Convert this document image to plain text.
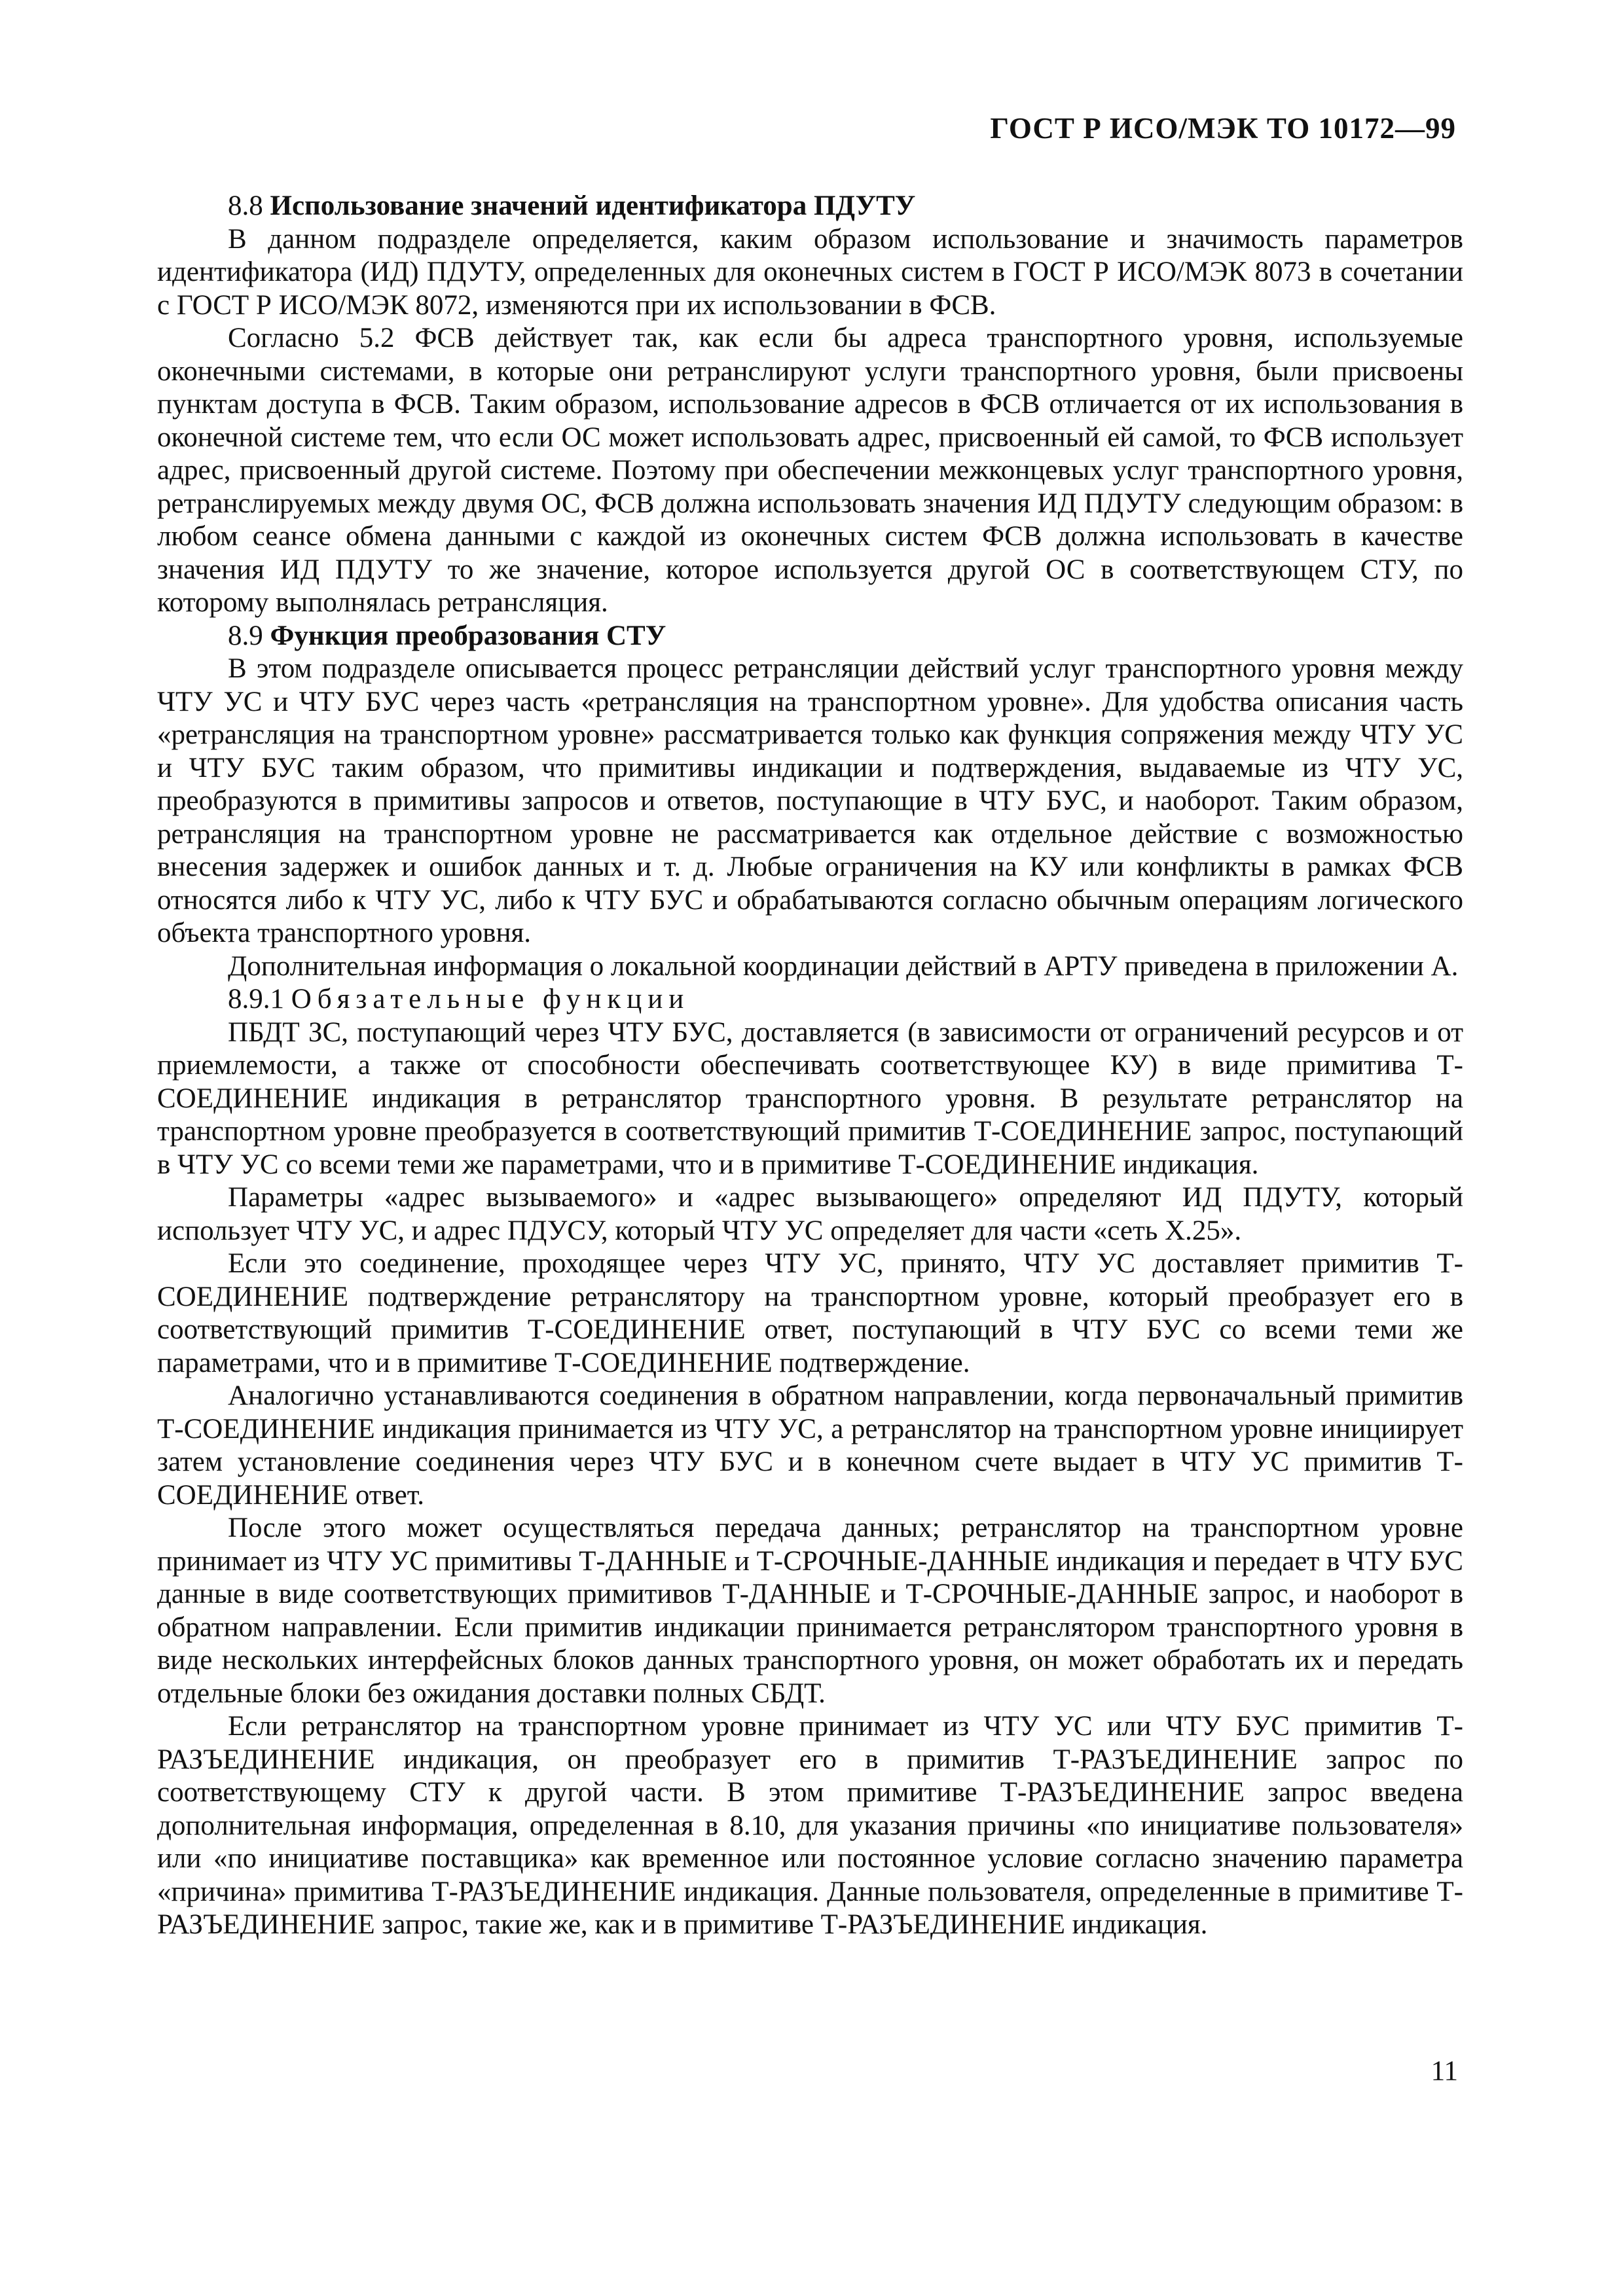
ГОСТ Р ИСО/МЭК ТО 10172—99

8.8 Использование значений идентификатора ПДУТУ

В данном подразделе определяется, каким образом использование и значимость параметров идентификатора (ИД) ПДУТУ, определенных для оконечных систем в ГОСТ Р ИСО/МЭК 8073 в сочетании с ГОСТ Р ИСО/МЭК 8072, изменяются при их использовании в ФСВ.

Согласно 5.2 ФСВ действует так, как если бы адреса транспортного уровня, используемые оконечными системами, в которые они ретранслируют услуги транспортного уровня, были присвоены пунктам доступа в ФСВ. Таким образом, использование адресов в ФСВ отличается от их использования в оконечной системе тем, что если ОС может использовать адрес, присвоенный ей самой, то ФСВ использует адрес, присвоенный другой системе. Поэтому при обеспечении межконцевых услуг транспортного уровня, ретранслируемых между двумя ОС, ФСВ должна использовать значения ИД ПДУТУ следующим образом: в любом сеансе обмена данными с каждой из оконечных систем ФСВ должна использовать в качестве значения ИД ПДУТУ то же значение, которое используется другой ОС в соответствующем СТУ, по которому выполнялась ретрансляция.

8.9 Функция преобразования СТУ

В этом подразделе описывается процесс ретрансляции действий услуг транспортного уровня между ЧТУ УС и ЧТУ БУС через часть «ретрансляция на транспортном уровне». Для удобства описания часть «ретрансляция на транспортном уровне» рассматривается только как функция сопряжения между ЧТУ УС и ЧТУ БУС таким образом, что примитивы индикации и подтверждения, выдаваемые из ЧТУ УС, преобразуются в примитивы запросов и ответов, поступающие в ЧТУ БУС, и наоборот. Таким образом, ретрансляция на транспортном уровне не рассматривается как отдельное действие с возможностью внесения задержек и ошибок данных и т. д. Любые ограничения на КУ или конфликты в рамках ФСВ относятся либо к ЧТУ УС, либо к ЧТУ БУС и обрабатываются согласно обычным операциям логического объекта транспортного уровня.

Дополнительная информация о локальной координации действий в АРТУ приведена в приложении А.

8.9.1 Обязательные функции

ПБДТ ЗС, поступающий через ЧТУ БУС, доставляется (в зависимости от ограничений ресурсов и от приемлемости, а также от способности обеспечивать соответствующее КУ) в виде примитива Т-СОЕДИНЕНИЕ индикация в ретранслятор транспортного уровня. В результате ретранслятор на транспортном уровне преобразуется в соответствующий примитив Т-СОЕДИНЕНИЕ запрос, поступающий в ЧТУ УС со всеми теми же параметрами, что и в примитиве Т-СОЕДИНЕНИЕ индикация.

Параметры «адрес вызываемого» и «адрес вызывающего» определяют ИД ПДУТУ, который использует ЧТУ УС, и адрес ПДУСУ, который ЧТУ УС определяет для части «сеть Х.25».

Если это соединение, проходящее через ЧТУ УС, принято, ЧТУ УС доставляет примитив Т-СОЕДИНЕНИЕ подтверждение ретранслятору на транспортном уровне, который преобразует его в соответствующий примитив Т-СОЕДИНЕНИЕ ответ, поступающий в ЧТУ БУС со всеми теми же параметрами, что и в примитиве Т-СОЕДИНЕНИЕ подтверждение.

Аналогично устанавливаются соединения в обратном направлении, когда первоначальный примитив Т-СОЕДИНЕНИЕ индикация принимается из ЧТУ УС, а ретранслятор на транспортном уровне инициирует затем установление соединения через ЧТУ БУС и в конечном счете выдает в ЧТУ УС примитив Т-СОЕДИНЕНИЕ ответ.

После этого может осуществляться передача данных; ретранслятор на транспортном уровне принимает из ЧТУ УС примитивы Т-ДАННЫЕ и Т-СРОЧНЫЕ-ДАННЫЕ индикация и передает в ЧТУ БУС данные в виде соответствующих примитивов Т-ДАННЫЕ и Т-СРОЧНЫЕ-ДАННЫЕ запрос, и наоборот в обратном направлении. Если примитив индикации принимается ретранслятором транспортного уровня в виде нескольких интерфейсных блоков данных транспортного уровня, он может обработать их и передать отдельные блоки без ожидания доставки полных СБДТ.

Если ретранслятор на транспортном уровне принимает из ЧТУ УС или ЧТУ БУС примитив Т-РАЗЪЕДИНЕНИЕ индикация, он преобразует его в примитив Т-РАЗЪЕДИНЕНИЕ запрос по соответствующему СТУ к другой части. В этом примитиве Т-РАЗЪЕДИНЕНИЕ запрос введена дополнительная информация, определенная в 8.10, для указания причины «по инициативе пользователя» или «по инициативе поставщика» как временное или постоянное условие согласно значению параметра «причина» примитива Т-РАЗЪЕДИНЕНИЕ индикация. Данные пользователя, определенные в примитиве Т-РАЗЪЕДИНЕНИЕ запрос, такие же, как и в примитиве Т-РАЗЪЕДИНЕНИЕ индикация.

11
